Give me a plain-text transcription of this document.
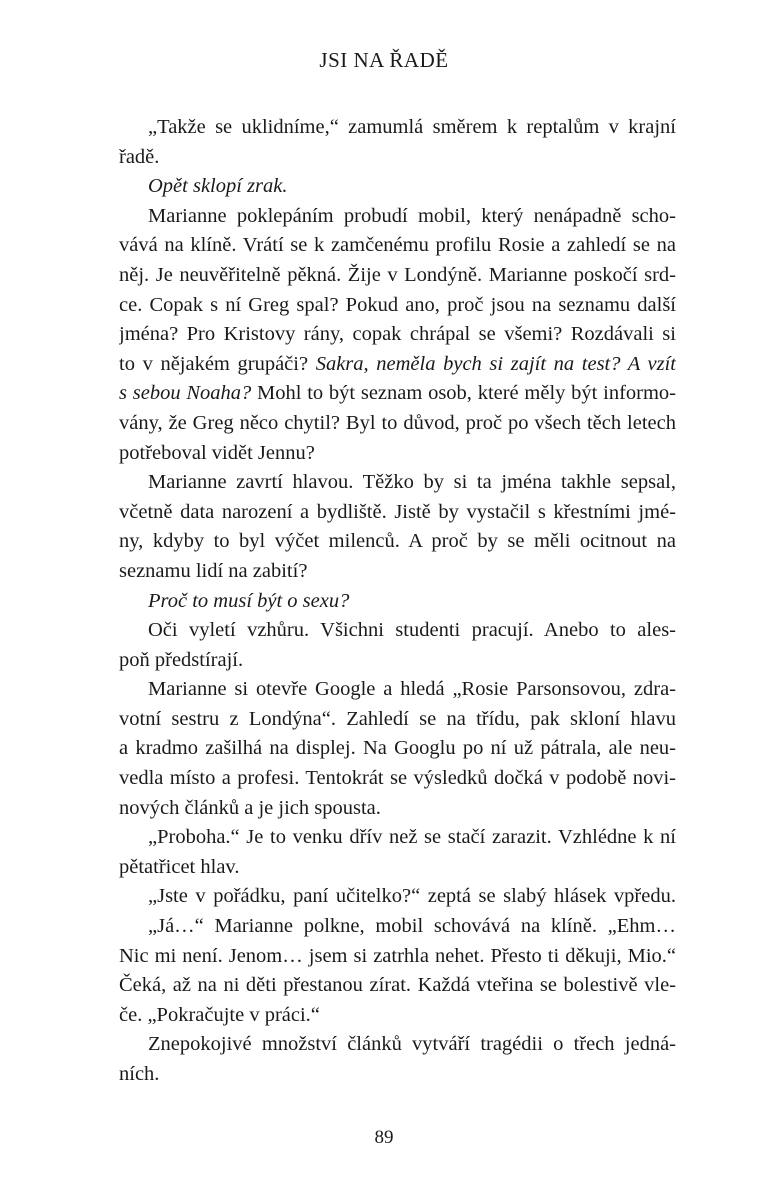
JSI NA ŘADĚ
„Takže se uklidníme,“ zamumlá směrem k reptalům v krajní
řadě.
Opět sklopí zrak.
Marianne poklepáním probudí mobil, který nenápadně scho-
vává na klíně. Vrátí se k zamčenému profilu Rosie a zahledí se na
něj. Je neuvěřitelně pěkná. Žije v Londýně. Marianne poskočí srd-
ce. Copak s ní Greg spal? Pokud ano, proč jsou na seznamu další
jména? Pro Kristovy rány, copak chrápal se všemi? Rozdávali si
to v nějakém grupáči? Sakra, neměla bych si zajít na test? A vzít
s sebou Noaha? Mohl to být seznam osob, které měly být informo-
vány, že Greg něco chytil? Byl to důvod, proč po všech těch letech
potřeboval vidět Jennu?
Marianne zavrtí hlavou. Těžko by si ta jména takhle sepsal,
včetně data narození a bydliště. Jistě by vystačil s křestními jmé-
ny, kdyby to byl výčet milenců. A proč by se měli ocitnout na
seznamu lidí na zabití?
Proč to musí být o sexu?
Oči vyletí vzhůru. Všichni studenti pracují. Anebo to ales-
poň předstírají.
Marianne si otevře Google a hledá „Rosie Parsonsovou, zdra-
votní sestru z Londýna“. Zahledí se na třídu, pak skloní hlavu
a kradmo zašilhá na displej. Na Googlu po ní už pátrala, ale neu-
vedla místo a profesi. Tentokrát se výsledků dočká v podobě novi-
nových článků a je jich spousta.
„Proboha.“ Je to venku dřív než se stačí zarazit. Vzhlédne k ní
pětatřicet hlav.
„Jste v pořádku, paní učitelko?“ zeptá se slabý hlásek vpředu.
„Já…“ Marianne polkne, mobil schovává na klíně. „Ehm…
Nic mi není. Jenom… jsem si zatrhla nehet. Přesto ti děkuji, Mio.“
Čeká, až na ni děti přestanou zírat. Každá vteřina se bolestivě vle-
če. „Pokračujte v práci.“
Znepokojivé množství článků vytváří tragédii o třech jedná-
ních.
89
